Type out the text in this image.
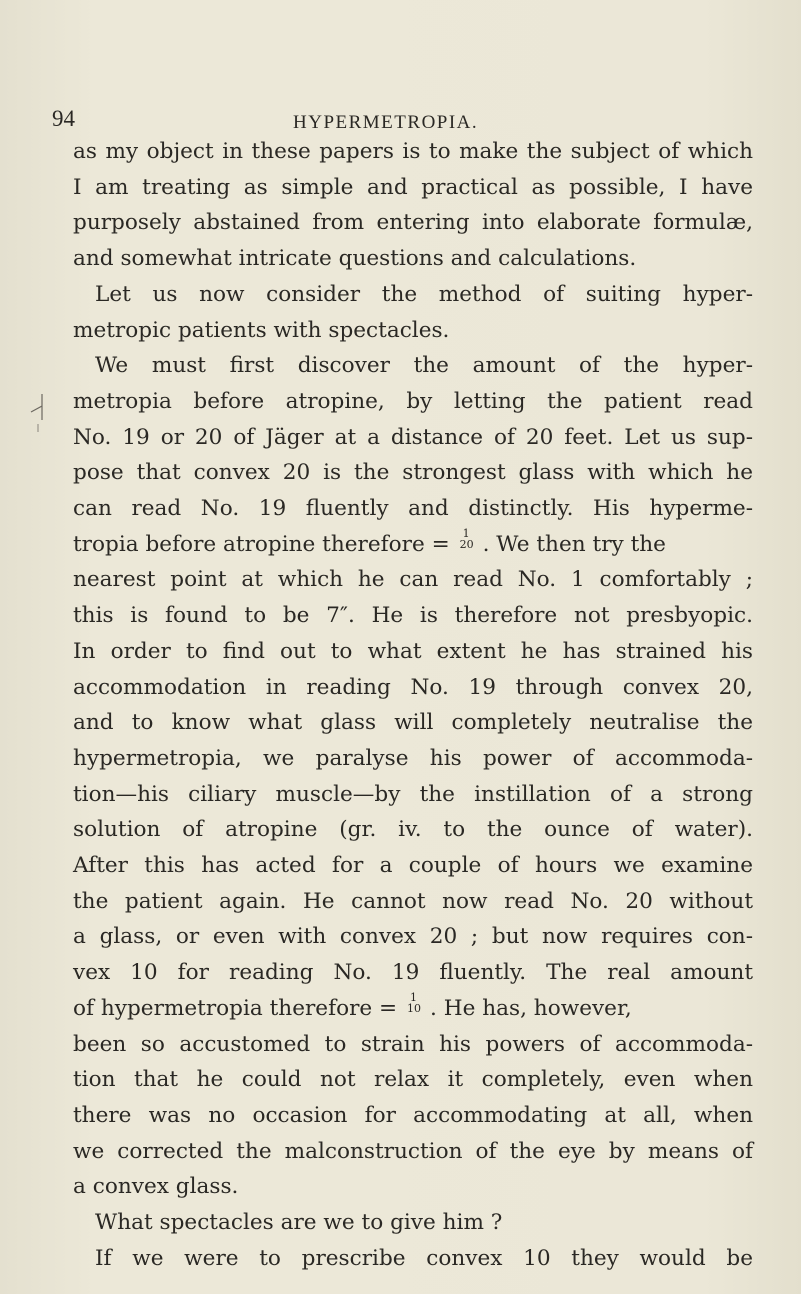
94	HYPERMETROPIA.
as my object in these papers is to make the subject of which
I am treating as simple and practical as possible, I have
purposely abstained from entering into elaborate formulæ,
and somewhat intricate questions and calculations.
Let us now consider the method of suiting hyper-
metropic patients with spectacles.
We must first discover the amount of the hyper-
metropia before atropine, by letting the patient read
No. 19 or 20 of Jäger at a distance of 20 feet. Let us sup-
pose that convex 20 is the strongest glass with which he
can read No. 19 fluently and distinctly. His hyperme-
tropia before atropine therefore = 1
20 . We then try the
nearest point at which he can read No. 1 comfortably ;
this is found to be 7″. He is therefore not presbyopic.
In order to find out to what extent he has strained his
accommodation in reading No. 19 through convex 20,
and to know what glass will completely neutralise the
hypermetropia, we paralyse his power of accommoda-
tion—his ciliary muscle—by the instillation of a strong
solution of atropine (gr. iv. to the ounce of water).
After this has acted for a couple of hours we examine
the patient again. He cannot now read No. 20 without
a glass, or even with convex 20 ; but now requires con-
vex 10 for reading No. 19 fluently. The real amount
of hypermetropia therefore = 1
10 . He has, however,
been so accustomed to strain his powers of accommoda-
tion that he could not relax it completely, even when
there was no occasion for accommodating at all, when
we corrected the malconstruction of the eye by means of
a convex glass.
What spectacles are we to give him ?
If we were to prescribe convex 10 they would be
